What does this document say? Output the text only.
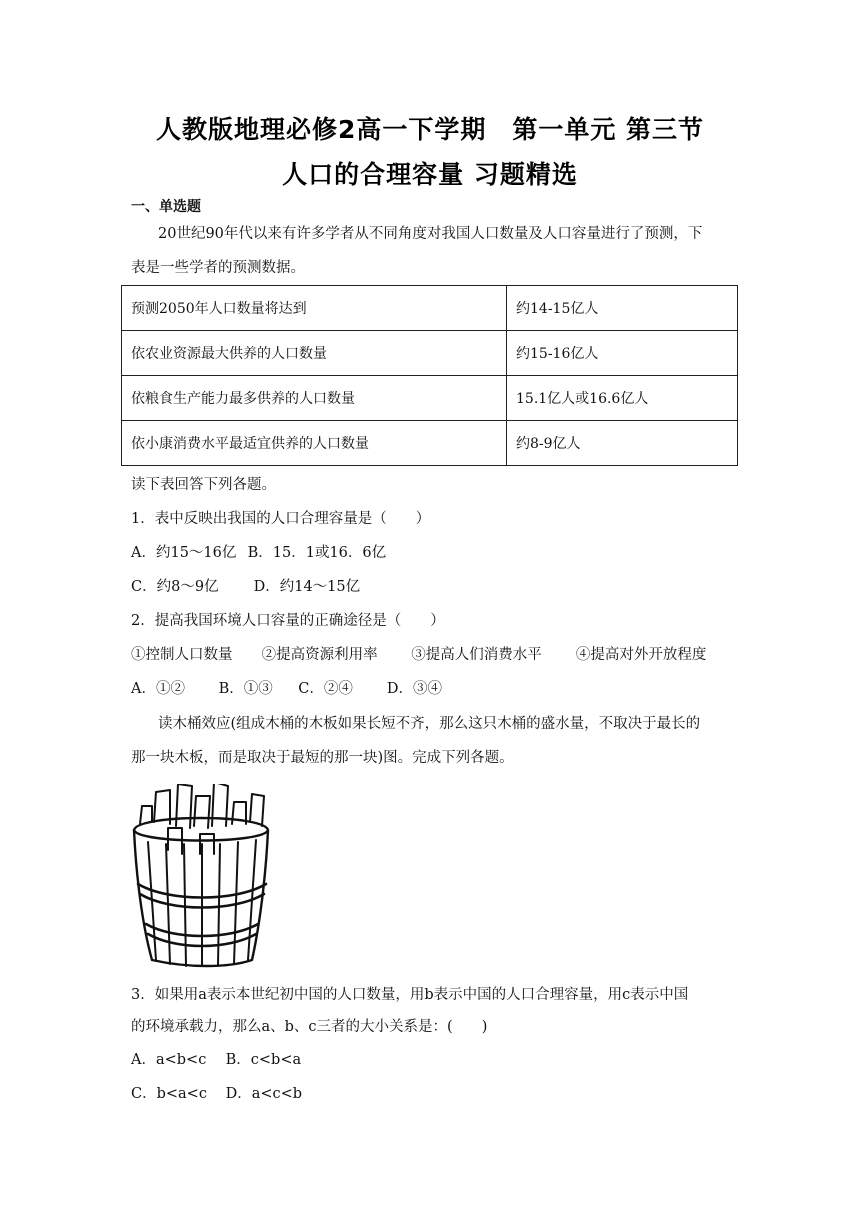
人教版地理必修2高一下学期　第一单元 第三节
人口的合理容量 习题精选
一、单选题
20世纪90年代以来有许多学者从不同角度对我国人口数量及人口容量进行了预测，下
表是一些学者的预测数据。
预测2050年人口数量将达到	约14-15亿人
依农业资源最大供养的人口数量	约15-16亿人
依粮食生产能力最多供养的人口数量	15.1亿人或16.6亿人
依小康消费水平最适宜供养的人口数量	约8-9亿人
读下表回答下列各题。
1．表中反映出我国的人口合理容量是（　　）
A．约15～16亿 B．15．1或16．6亿
C．约8～9亿 D．约14～15亿
2．提高我国环境人口容量的正确途径是（　　）
①控制人口数量 ②提高资源利用率 ③提高人们消费水平 ④提高对外开放程度
A．①② B．①③ C．②④ D．③④
读木桶效应(组成木桶的木板如果长短不齐，那么这只木桶的盛水量，不取决于最长的
那一块木板，而是取决于最短的那一块)图。完成下列各题。
3．如果用a表示本世纪初中国的人口数量，用b表示中国的人口合理容量，用c表示中国
的环境承载力，那么a、b、c三者的大小关系是：(　　)
A．a<b<c B．c<b<a
C．b<a<c D．a<c<b
